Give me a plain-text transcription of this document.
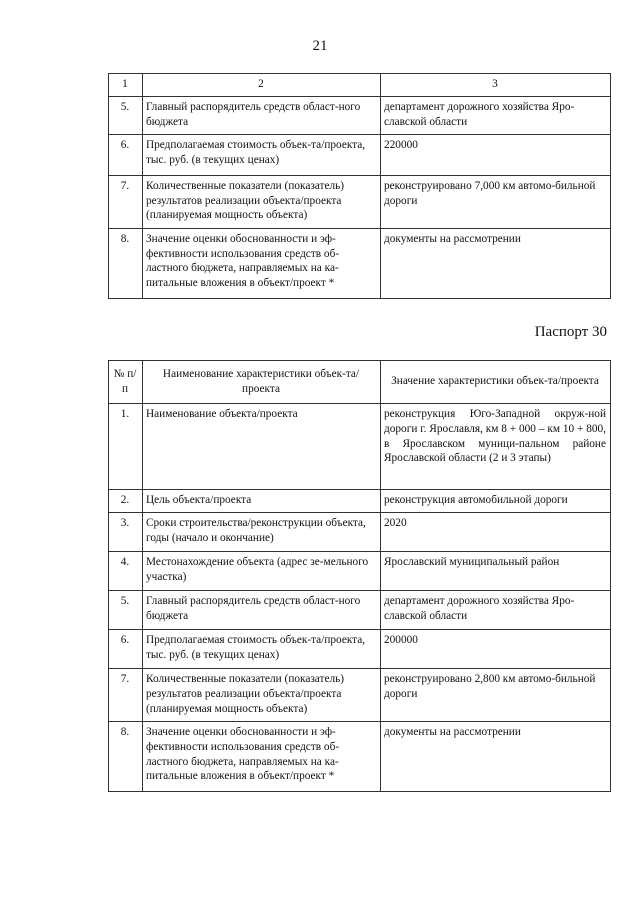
21
1	2	3
5.	Главный распорядитель средств област-ного бюджета	департамент дорожного хозяйства Яро-славской области
6.	Предполагаемая стоимость объек-та/проекта, тыс. руб. (в текущих ценах)	220000
7.	Количественные показатели (показатель) результатов реализации объекта/проекта (планируемая мощность объекта)	реконструировано 7,000 км автомо-бильной дороги
8.	Значение оценки обоснованности и эф-фективности использования средств об-ластного бюджета, направляемых на ка-питальные вложения в объект/проект *	документы на рассмотрении
Паспорт 30
№ п/п	Наименование характеристики объек-та/проекта	Значение характеристики объек-та/проекта
1.	Наименование объекта/проекта	реконструкция Юго-Западной окруж-ной дороги г. Ярославля, км 8 + 000 – км 10 + 800, в Ярославском муници-пальном районе Ярославской области (2 и 3 этапы)
2.	Цель объекта/проекта	реконструкция автомобильной дороги
3.	Сроки строительства/реконструкции объекта, годы (начало и окончание)	2020
4.	Местонахождение объекта (адрес зе-мельного участка)	Ярославский муниципальный район
5.	Главный распорядитель средств област-ного бюджета	департамент дорожного хозяйства Яро-славской области
6.	Предполагаемая стоимость объек-та/проекта, тыс. руб. (в текущих ценах)	200000
7.	Количественные показатели (показатель) результатов реализации объекта/проекта (планируемая мощность объекта)	реконструировано 2,800 км автомо-бильной дороги
8.	Значение оценки обоснованности и эф-фективности использования средств об-ластного бюджета, направляемых на ка-питальные вложения в объект/проект *	документы на рассмотрении
